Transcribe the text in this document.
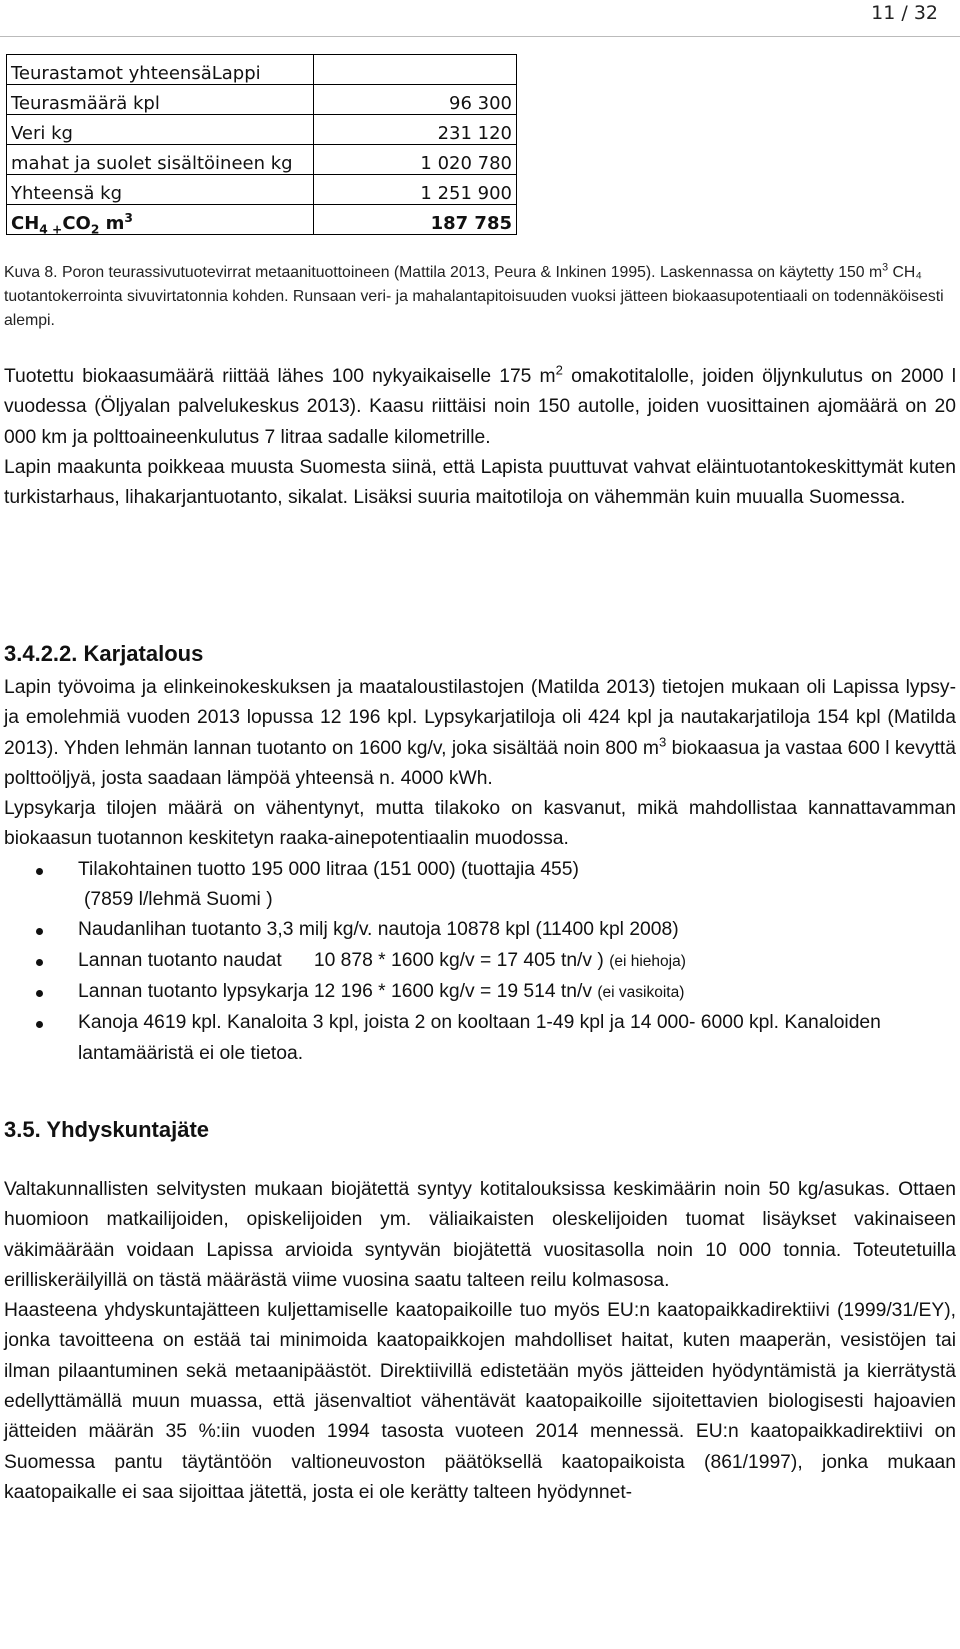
11 / 32
Teurastamot yhteensäLappi	
Teurasmäärä kpl	96 300
Veri kg	231 120
mahat ja suolet sisältöineen kg	1 020 780
Yhteensä kg	1 251 900
$CH_{4 +}CO_2$ $m^3$	187 785
Kuva 8. Poron teurassivutuotevirrat metaanituottoineen (Mattila 2013, Peura & Inkinen 1995). Laskennassa on käytetty 150 $m^3$ CH₄ tuotantokerrointa sivuvirtatonnia kohden. Runsaan veri- ja mahalantapitoisuuden vuoksi jätteen biokaasupotentiaali on todennäköisesti alempi.

Tuotettu biokaasumäärä riittää lähes 100 nykyaikaiselle 175 $m^2$ omakotitalolle, joiden öljynkulutus on 2000 l vuodessa (Öljyalan palvelukeskus 2013). Kaasu riittäisi noin 150 autolle, joiden vuosittainen ajomäärä on 20 000 km ja polttoaineenkulutus 7 litraa sadalle kilometrille.

Lapin maakunta poikkeaa muusta Suomesta siinä, että Lapista puuttuvat vahvat eläintuotantokeskittymät kuten turkistarhaus, lihakarjantuotanto, sikalat. Lisäksi suuria maitotiloja on vähemmän kuin muualla Suomessa.

3.4.2.2. Karjatalous

Lapin työvoima ja elinkeinokeskuksen ja maataloustilastojen (Matilda 2013) tietojen mukaan oli Lapissa lypsy- ja emolehmiä vuoden 2013 lopussa 12 196 kpl. Lypsykarjatiloja oli 424 kpl ja nautakarjatiloja 154 kpl (Matilda 2013). Yhden lehmän lannan tuotanto on 1600 kg/v, joka sisältää noin 800 $m^3$ biokaasua ja vastaa 600 l kevyttä polttoöljyä, josta saadaan lämpöä yhteensä n. 4000 kWh.

Lypsykarja tilojen määrä on vähentynyt, mutta tilakoko on kasvanut, mikä mahdollistaa kannattavamman biokaasun tuotannon keskitetyn raaka-ainepotentiaalin muodossa.

Tilakohtainen tuotto 195 000 litraa (151 000) (tuottajia 455)
(7859 l/lehmä Suomi )
Naudanlihan tuotanto 3,3 milj kg/v. nautoja 10878 kpl (11400 kpl 2008)
Lannan tuotanto naudat      10 878 * 1600 kg/v = 17 405 tn/v ) (ei hiehoja)
Lannan tuotanto lypsykarja 12 196 * 1600 kg/v = 19 514 tn/v (ei vasikoita)
Kanoja 4619 kpl. Kanaloita 3 kpl, joista 2 on kooltaan 1-49 kpl ja 14 000- 6000 kpl. Kanaloiden lantamääristä ei ole tietoa.
3.5. Yhdyskuntajäte

Valtakunnallisten selvitysten mukaan biojätettä syntyy kotitalouksissa keskimäärin noin 50 kg/asukas. Ottaen huomioon matkailijoiden, opiskelijoiden ym. väliaikaisten oleskelijoiden tuomat lisäykset vakinaiseen väkimäärään voidaan Lapissa arvioida syntyvän biojätettä vuositasolla noin 10 000 tonnia. Toteutetuilla erilliskeräilyillä on tästä määrästä viime vuosina saatu talteen reilu kolmasosa.

Haasteena yhdyskuntajätteen kuljettamiselle kaatopaikoille tuo myös EU:n kaatopaikkadirektiivi (1999/31/EY), jonka tavoitteena on estää tai minimoida kaatopaikkojen mahdolliset haitat, kuten maaperän, vesistöjen tai ilman pilaantuminen sekä metaanipäästöt. Direktiivillä edistetään myös jätteiden hyödyntämistä ja kierrätystä edellyttämällä muun muassa, että jäsenvaltiot vähentävät kaatopaikoille sijoitettavien biologisesti hajoavien jätteiden määrän 35 %:iin vuoden 1994 tasosta vuoteen 2014 mennessä. EU:n kaatopaikkadirektiivi on Suomessa pantu täytäntöön valtioneuvoston päätöksellä kaatopaikoista (861/1997), jonka mukaan kaatopaikalle ei saa sijoittaa jätettä, josta ei ole kerätty talteen hyödynnet-
